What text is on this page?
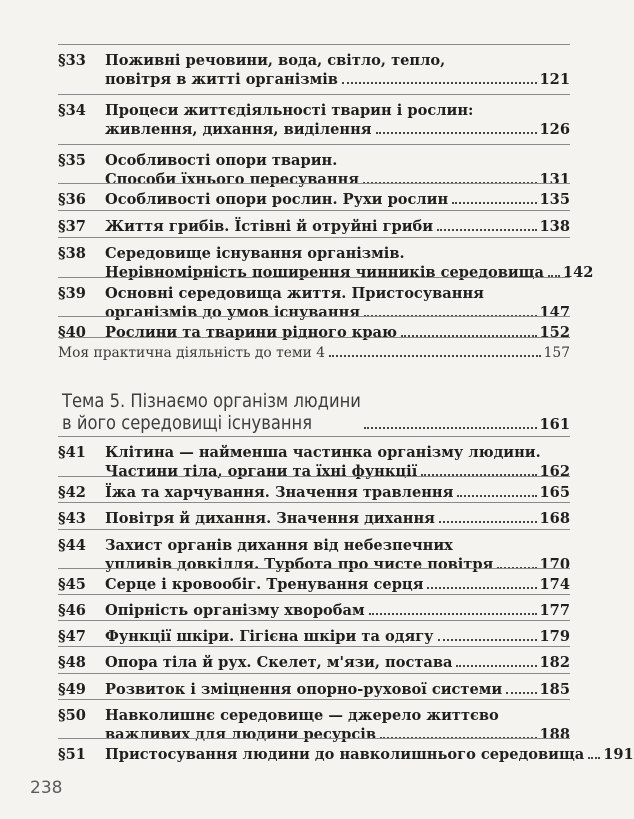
§33	Поживні речовини, вода, світло, тепло,
повітря в житті організмів	121
§34	Процеси життєдіяльності тварин і рослин:
живлення, дихання, виділення	126
§35	Особливості опори тварин.
Способи їхнього пересування	131
§36	Особливості опори рослин. Рухи рослин	135
§37	Життя грибів. Їстівні й отруйні гриби	138
§38	Середовище існування організмів.
Нерівномірність поширення чинників середовища 142
§39	Основні середовища життя. Пристосування
організмів до умов існування	147
§40	Рослини та тварини рідного краю	152
Моя практична діяльність до теми 4	157
Тема 5. Пізнаємо організм людини
в його середовищі існування	161
§41	Клітина — найменша частинка організму людини.
Частини тіла, органи та їхні функції	162
§42	Їжа та харчування. Значення травлення	165
§43	Повітря й дихання. Значення дихання	168
§44	Захист органів дихання від небезпечних
упливів довкілля. Турбота про чисте повітря	170
§45	Серце і кровообіг. Тренування серця	174
§46	Опірність організму хворобам	177
§47	Функції шкіри. Гігієна шкіри та одягу	179
§48	Опора тіла й рух. Скелет, м'язи, постава	182
§49	Розвиток і зміцнення опорно-рухової системи	185
§50	Навколишнє середовище — джерело життєво
важливих для людини ресурсів	188
§51	Пристосування людини до навколишнього середовища 191
238
